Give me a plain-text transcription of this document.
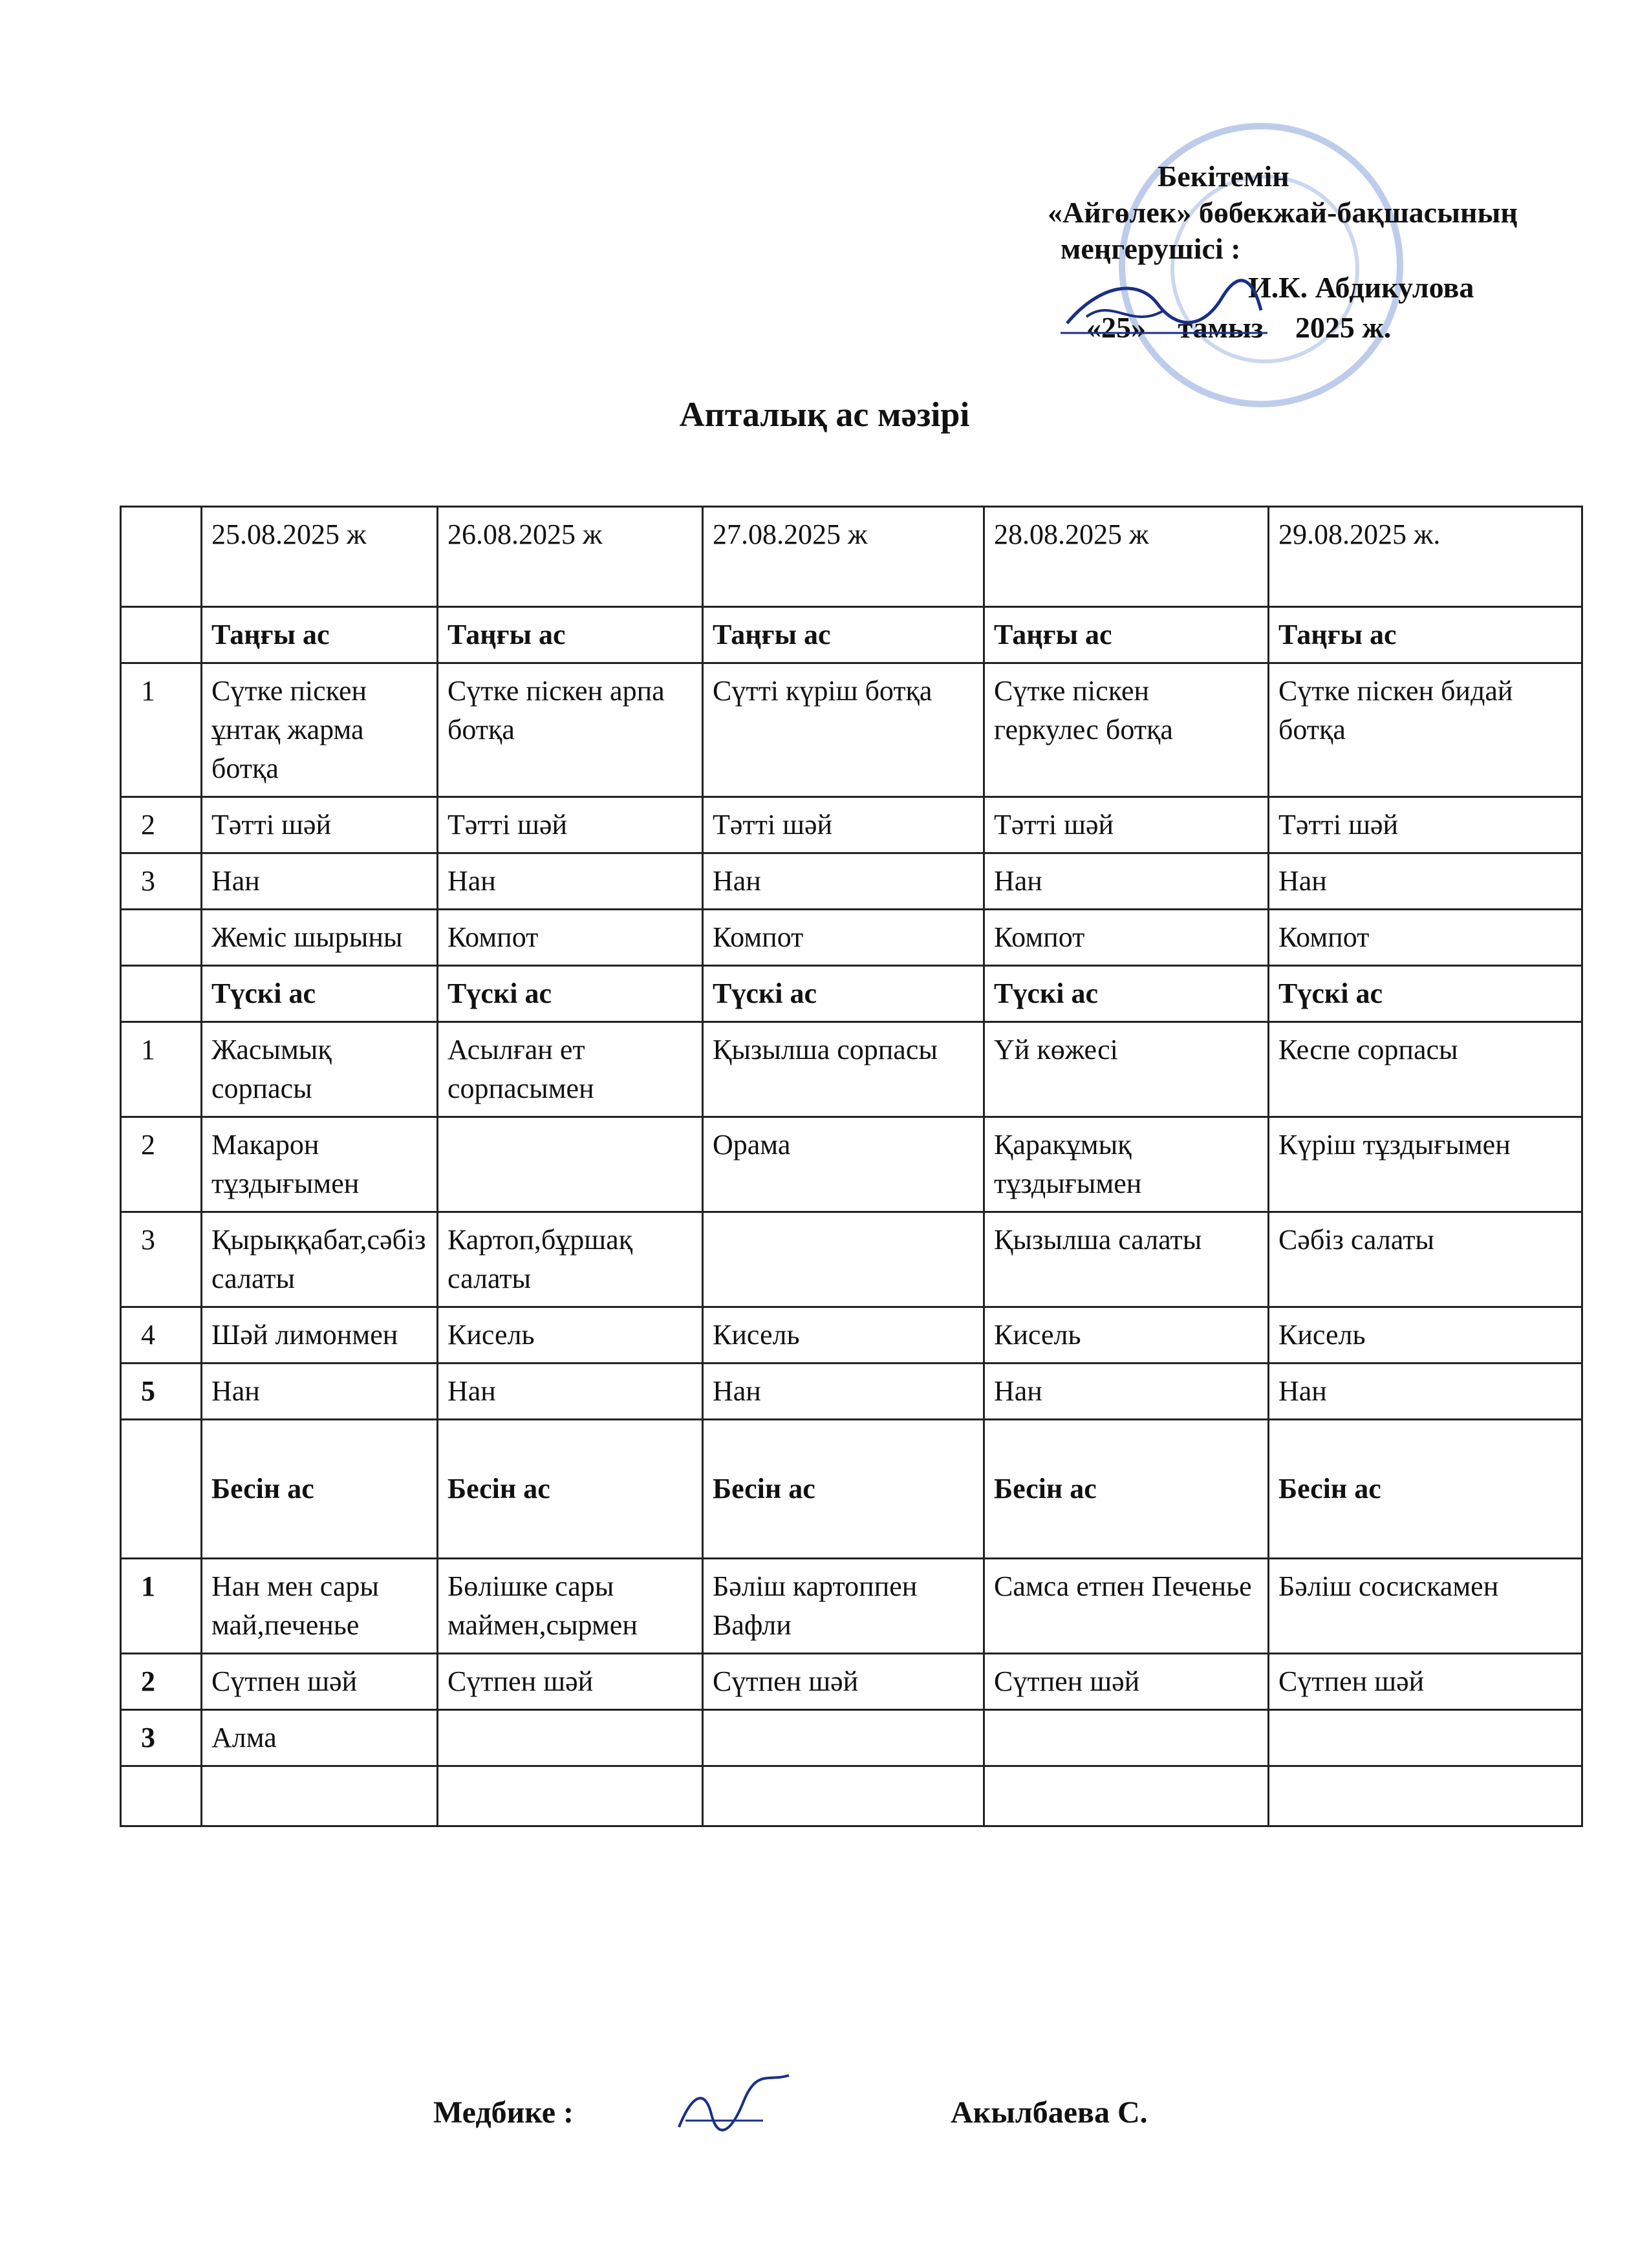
Бекітемін
«Айгөлек» бөбекжай-бақшасының
меңгерушісі :
И.К. Абдикулова
«25» тамыз 2025 ж.
Апталық ас мәзірі
	25.08.2025 ж	26.08.2025 ж	27.08.2025 ж	28.08.2025 ж	29.08.2025 ж.
	Таңғы ас	Таңғы ас	Таңғы ас	Таңғы ас	Таңғы ас
1	Сүтке піскен ұнтақ жарма ботқа	Сүтке піскен арпа ботқа	Сүтті күріш ботқа	Сүтке піскен геркулес ботқа	Сүтке піскен бидай ботқа
2	Тәтті шәй	Тәтті шәй	Тәтті шәй	Тәтті шәй	Тәтті шәй
3	Нан	Нан	Нан	Нан	Нан
	Жеміс шырыны	Компот	Компот	Компот	Компот
	Түскі ас	Түскі ас	Түскі ас	Түскі ас	Түскі ас
1	Жасымық сорпасы	Асылған ет сорпасымен	Қызылша сорпасы	Үй көжесі	Кеспе сорпасы
2	Макарон тұздығымен		Орама	Қаракұмық тұздығымен	Күріш тұздығымен
3	Қырыққабат,сәбіз салаты	Картоп,бұршақ салаты		Қызылша салаты	Сәбіз салаты
4	Шәй лимонмен	Кисель	Кисель	Кисель	Кисель
5	Нан	Нан	Нан	Нан	Нан
	Бесін ас	Бесін ас	Бесін ас	Бесін ас	Бесін ас
1	Нан мен сары май,печенье	Бөлішке сары маймен,сырмен	Бәліш картоппен Вафли	Самса етпен Печенье	Бәліш сосискамен
2	Сүтпен шәй	Сүтпен шәй	Сүтпен шәй	Сүтпен шәй	Сүтпен шәй
3	Алма				

Медбике :	Акылбаева С.
